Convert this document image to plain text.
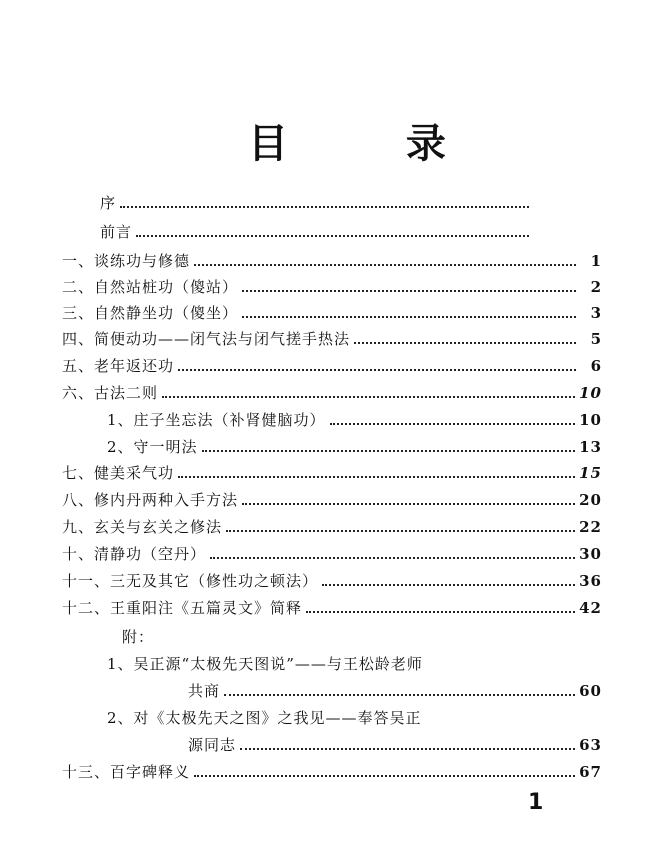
目 录
序
前言
一、谈练功与修德	1
二、自然站桩功（傻站）	2
三、自然静坐功（傻坐）	3
四、简便动功——闭气法与闭气搓手热法	5
五、老年返还功	6
六、古法二则	10
1、庄子坐忘法（补肾健脑功）	10
2、守一明法	13
七、健美采气功	15
八、修内丹两种入手方法	20
九、玄关与玄关之修法	22
十、清静功（空丹）	30
十一、三无及其它（修性功之顿法）	36
十二、王重阳注《五篇灵文》简释	42
附：
1、吴正源“太极先天图说”——与王松龄老师
共商	60
2、对《太极先天之图》之我见——奉答吴正
源同志	63
十三、百字碑释义	67
1
